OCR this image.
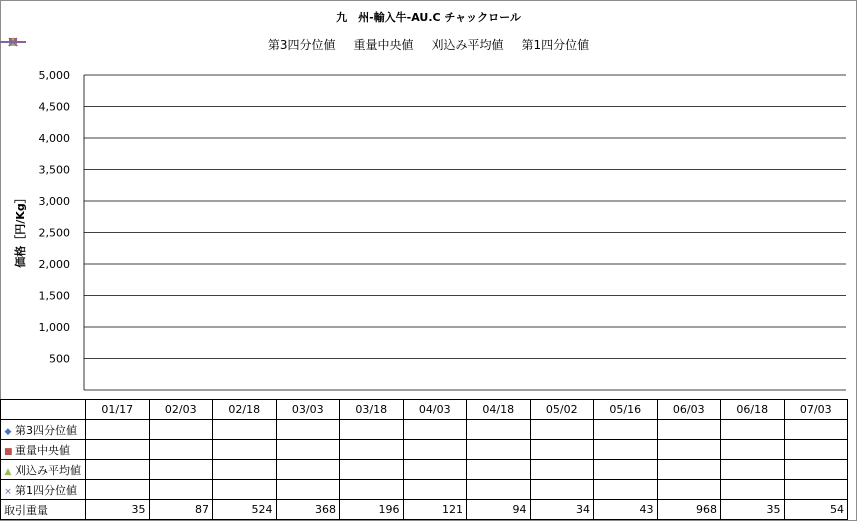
九　州-輸入牛-AU.C チャックロール
第3四分位値 重量中央値 刈込み平均値 第1四分位値
価格［円/Kg］
5,000
4,500
4,000
3,500
3,000
2,500
2,000
1,500
1,000
500
	01/17	02/03	02/18	03/03	03/18	04/03	04/18	05/02	05/16	06/03	06/18	07/03
◆ 第3四分位値												
■ 重量中央値												
▲ 刈込み平均値												
× 第1四分位値												
取引重量	35	87	524	368	196	121	94	34	43	968	35	54
